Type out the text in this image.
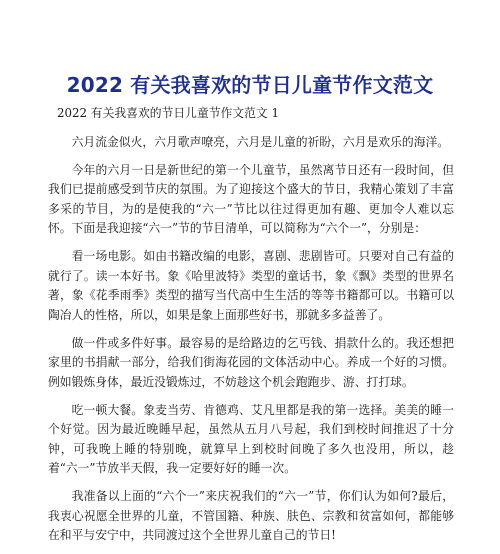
2022 有关我喜欢的节日儿童节作文范文

2022 有关我喜欢的节日儿童节作文范文 1

六月流金似火，六月歌声嘹亮，六月是儿童的祈盼，六月是欢乐的海洋。

今年的六月一日是新世纪的第一个儿童节，虽然离节日还有一段时间，但我们已提前感受到节庆的氛围。为了迎接这个盛大的节日，我精心策划了丰富多采的节目，为的是使我的“六一”节比以往过得更加有趣、更加令人难以忘怀。下面是我迎接“六一”节的节目清单，可以简称为“六个一”，分别是：

看一场电影。如由书籍改编的电影，喜剧、悲剧皆可。只要对自己有益的就行了。读一本好书。象《哈里波特》类型的童话书，象《飘》类型的世界名著，象《花季雨季》类型的描写当代高中生生活的等等书籍都可以。书籍可以陶冶人的性格，所以，如果是象上面那些好书，那就多多益善了。

做一件或多件好事。最容易的是给路边的乞丐钱、捐款什么的。我还想把家里的书捐献一部分，给我们街海花园的文体活动中心。养成一个好的习惯。例如锻炼身体，最近没锻炼过，不妨趁这个机会跑跑步、游、打打球。

吃一顿大餐。象麦当劳、肯德鸡、艾凡里都是我的第一选择。美美的睡一个好觉。因为最近晚睡早起，虽然从五月八号起，我们到校时间推迟了十分钟，可我晚上睡的特别晚，就算早上到校时间晚了多久也没用，所以，趁着“六一”节放半天假，我一定要好好的睡一次。

我准备以上面的“六个一”来庆祝我们的“六一”节，你们认为如何?最后，我衷心祝愿全世界的儿童，不管国籍、种族、肤色、宗教和贫富如何，都能够在和平与安宁中，共同渡过这个全世界儿童自己的节日!
